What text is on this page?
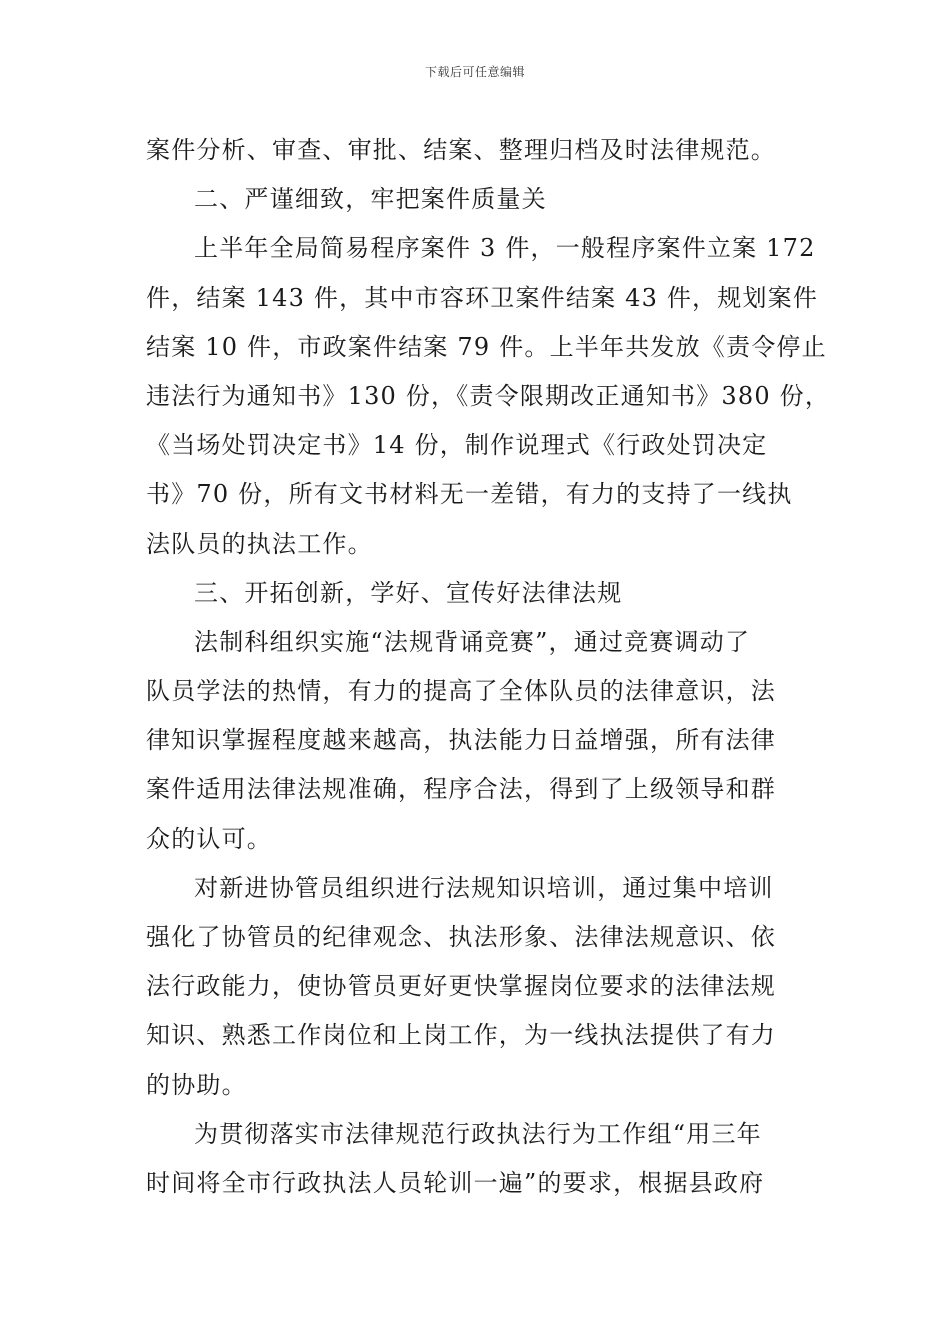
下载后可任意编辑
案件分析、审查、审批、结案、整理归档及时法律规范。
二、严谨细致，牢把案件质量关
上半年全局简易程序案件 3 件，一般程序案件立案 172
件，结案 143 件，其中市容环卫案件结案 43 件，规划案件
结案 10 件，市政案件结案 79 件。上半年共发放《责令停止
违法行为通知书》130 份，《责令限期改正通知书》380 份，
《当场处罚决定书》14 份，制作说理式《行政处罚决定
书》70 份，所有文书材料无一差错，有力的支持了一线执
法队员的执法工作。
三、开拓创新，学好、宣传好法律法规
法制科组织实施“法规背诵竞赛”，通过竞赛调动了
队员学法的热情，有力的提高了全体队员的法律意识，法
律知识掌握程度越来越高，执法能力日益增强，所有法律
案件适用法律法规准确，程序合法，得到了上级领导和群
众的认可。
对新进协管员组织进行法规知识培训，通过集中培训
强化了协管员的纪律观念、执法形象、法律法规意识、依
法行政能力，使协管员更好更快掌握岗位要求的法律法规
知识、熟悉工作岗位和上岗工作，为一线执法提供了有力
的协助。
为贯彻落实市法律规范行政执法行为工作组“用三年
时间将全市行政执法人员轮训一遍”的要求，根据县政府
